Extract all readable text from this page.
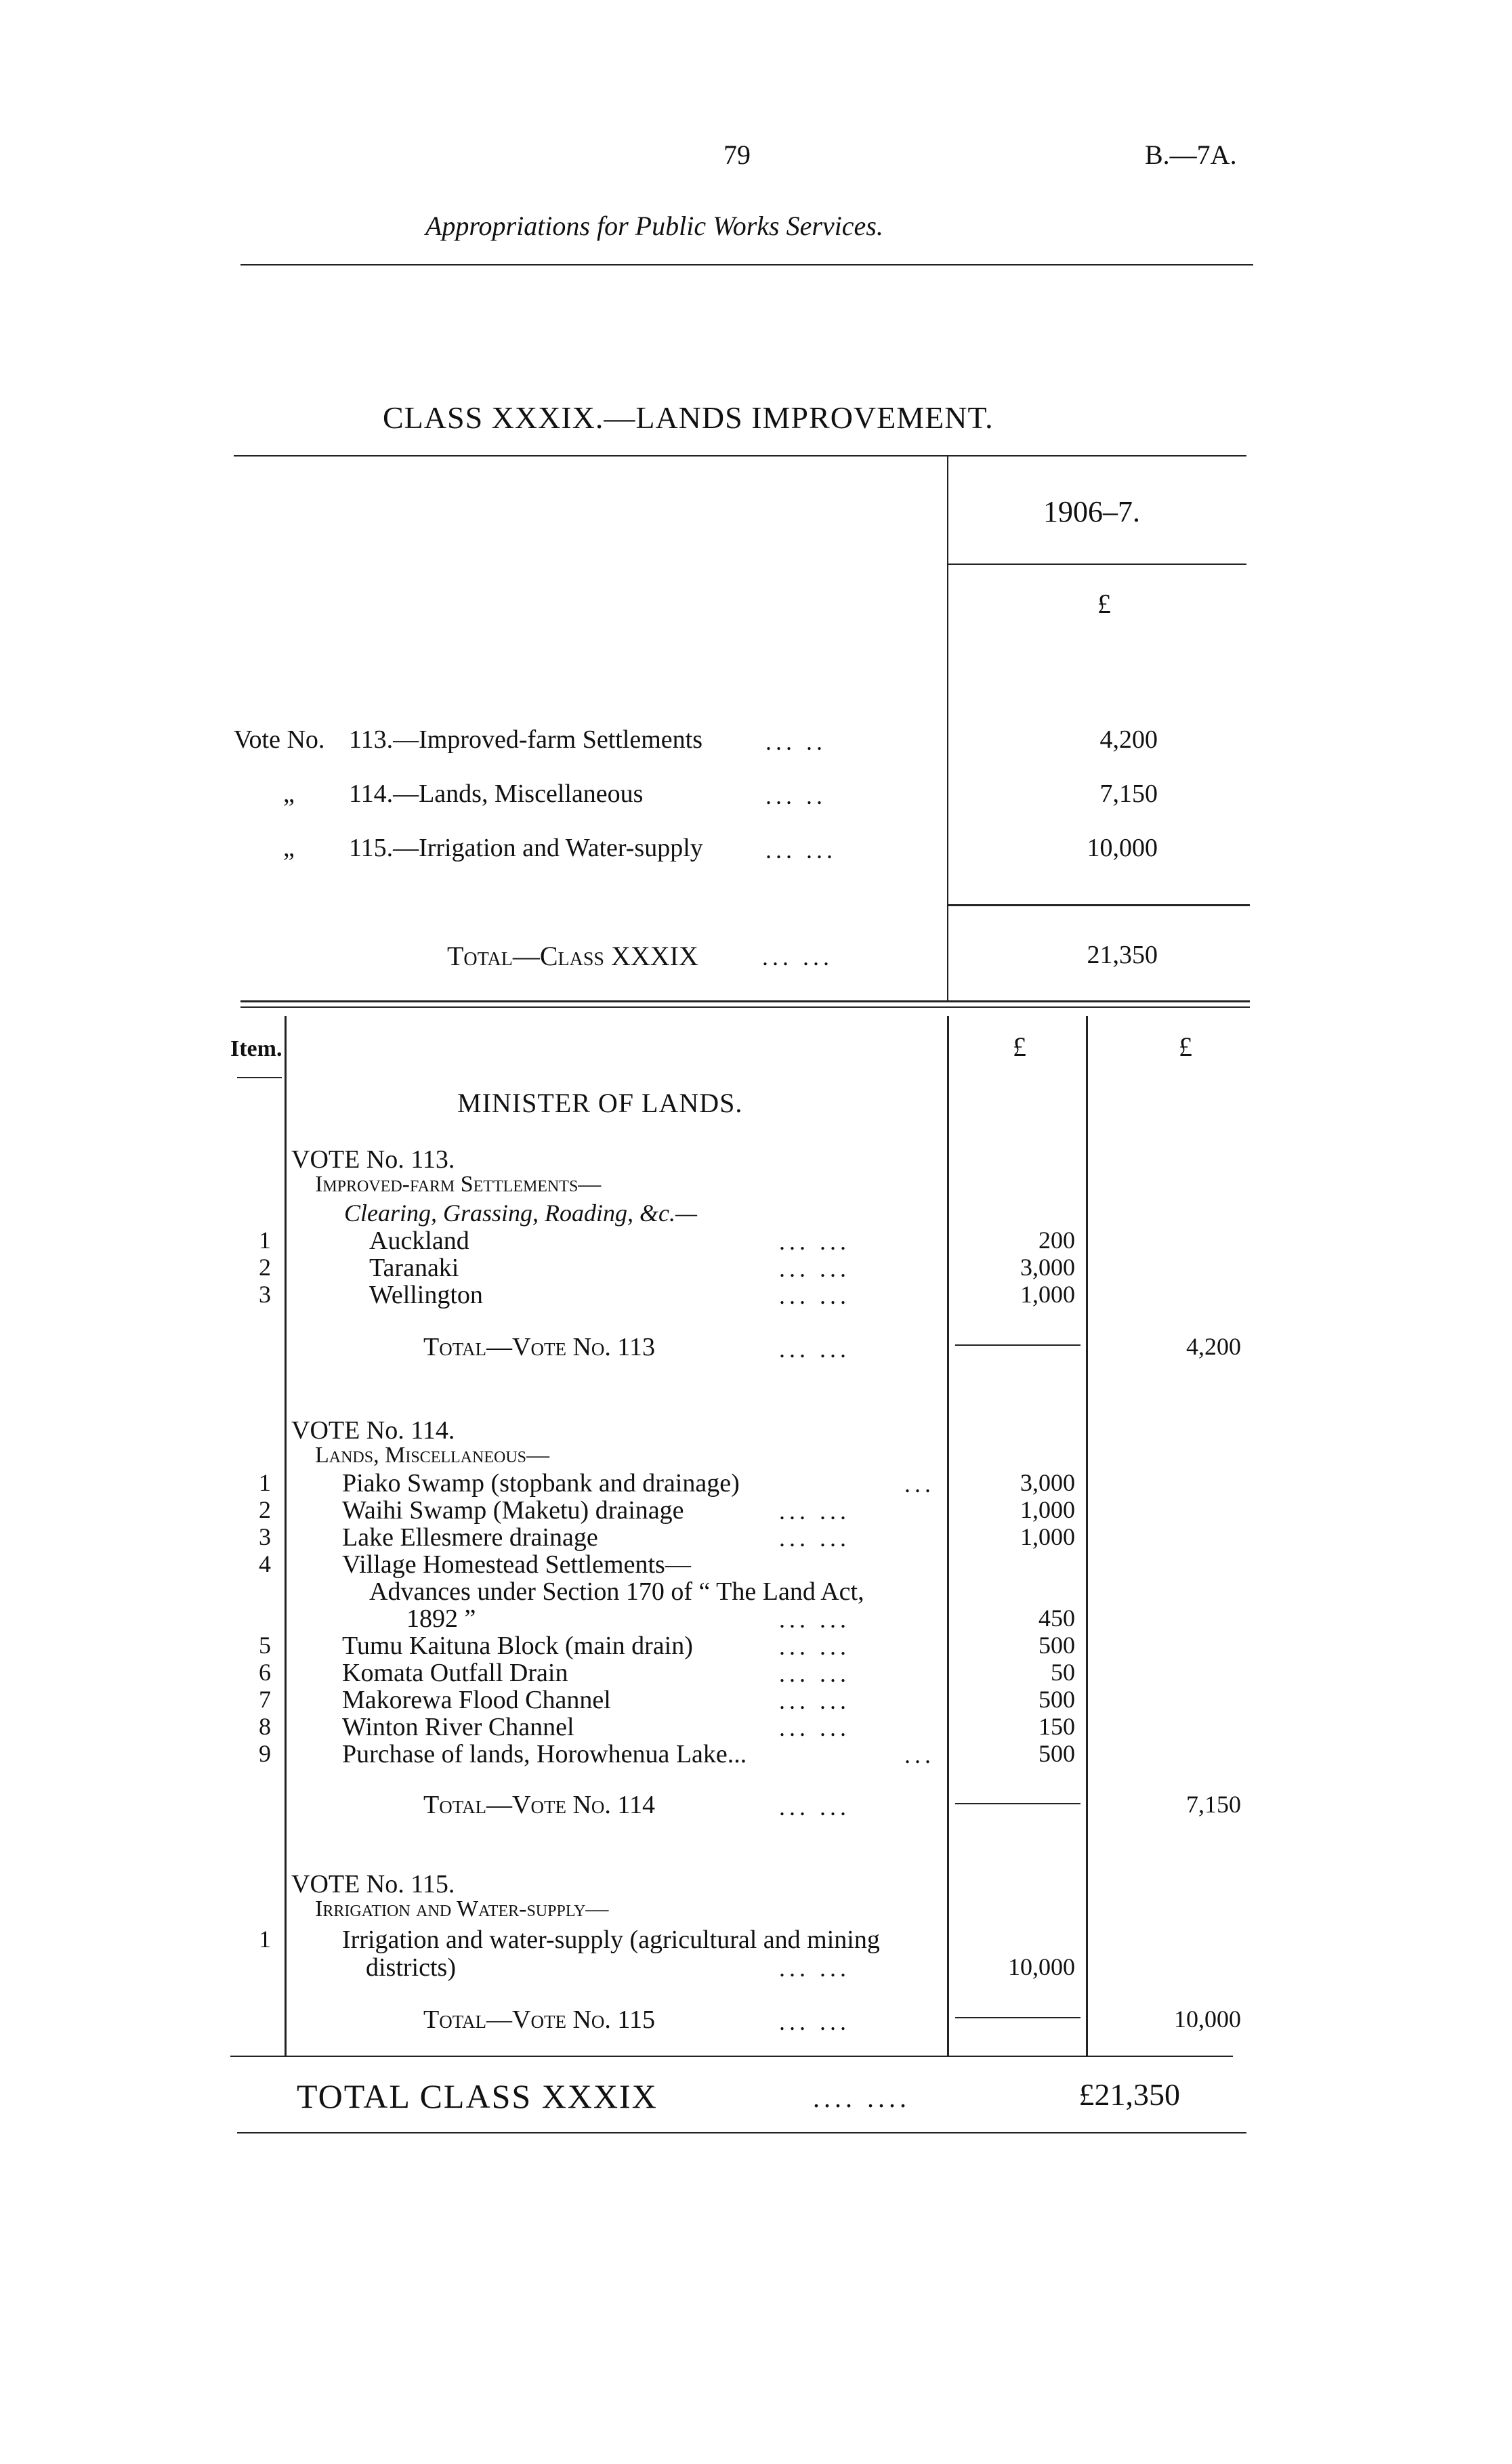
79	B.—7A.
Appropriations for Public Works Services.
CLASS XXXIX.—LANDS IMPROVEMENT.
1906–7.
£
Vote No. 113.—Improved-farm Settlements	... ..	4,200
„ 114.—Lands, Miscellaneous	... ..	7,150
„ 115.—Irrigation and Water-supply	... ...	10,000
Total—Class XXXIX	... ...	21,350
Item.	£	£
MINISTER OF LANDS.
VOTE No. 113.
Improved-farm Settlements—
Clearing, Grassing, Roading, &c.—
1	Auckland	... ...	200
2	Taranaki	... ...	3,000
3	Wellington	... ...	1,000
Total—Vote No. 113	... ...	4,200
VOTE No. 114.
Lands, Miscellaneous—
1	Piako Swamp (stopbank and drainage)	...	3,000
2	Waihi Swamp (Maketu) drainage	... ...	1,000
3	Lake Ellesmere drainage	... ...	1,000
4	Village Homestead Settlements—
Advances under Section 170 of “ The Land Act,
1892 ”	... ...	450
5	Tumu Kaituna Block (main drain)	... ...	500
6	Komata Outfall Drain	... ...	50
7	Makorewa Flood Channel	... ...	500
8	Winton River Channel	... ...	150
9	Purchase of lands, Horowhenua Lake...	...	500
Total—Vote No. 114	... ...	7,150
VOTE No. 115.
Irrigation and Water-supply—
1	Irrigation and water-supply (agricultural and mining
districts)	... ...	10,000
Total—Vote No. 115	... ...	10,000
TOTAL CLASS XXXIX	.... ....	£21,350
